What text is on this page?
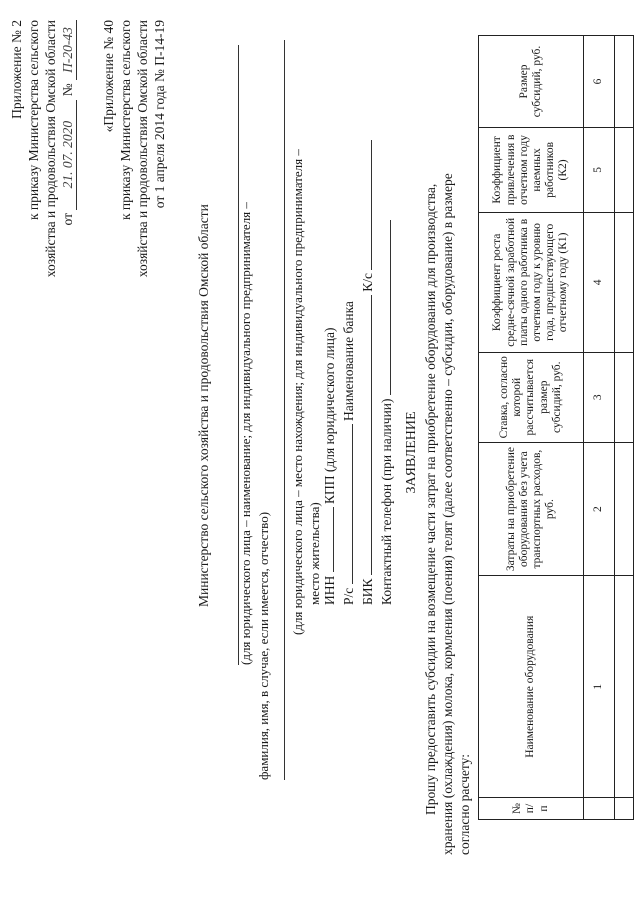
Приложение № 2 к приказу Министерства сельского хозяйства и продовольствия Омской области от 21. 07. 2020 № П-20-43 «Приложение № 40 к приказу Министерства сельского хозяйства и продовольствия Омской области от 1 апреля 2014 года № П-14-19
Министерство сельского хозяйства и продовольствия Омской области (для юридического лица – наименование; для индивидуального предпринимателя – фамилия, имя, в случае, если имеется, отчество)
(для юридического лица – место нахождения; для индивидуального предпринимателя – место жительства) ИНН  КПП (для юридического лица)
Р/с  Наименование банка
БИК  К/с
Контактный телефон (при наличии) ЗАЯВЛЕНИЕ Прошу предоставить субсидии на возмещение части затрат на приобретение оборудования для производства, хранения (охлаждения) молока, кормления (поения) телят (далее соответственно – субсидии, оборудование) в размере согласно расчету:	№ п/п	Наименование оборудования	Затраты на приобретение оборудования без учета транспортных расходов, руб.	Ставка, согласно которой рассчитывается размер субсидий, руб.	Коэффициент роста средне-сячной заработной платы одного работника в отчетном году к уровню года, предшествующего отчетному году (К1)	Коэффициент привлечения в отчетном году наемных работников (К2)	Размер субсидий, руб.
	1	2	3	4	5	6
